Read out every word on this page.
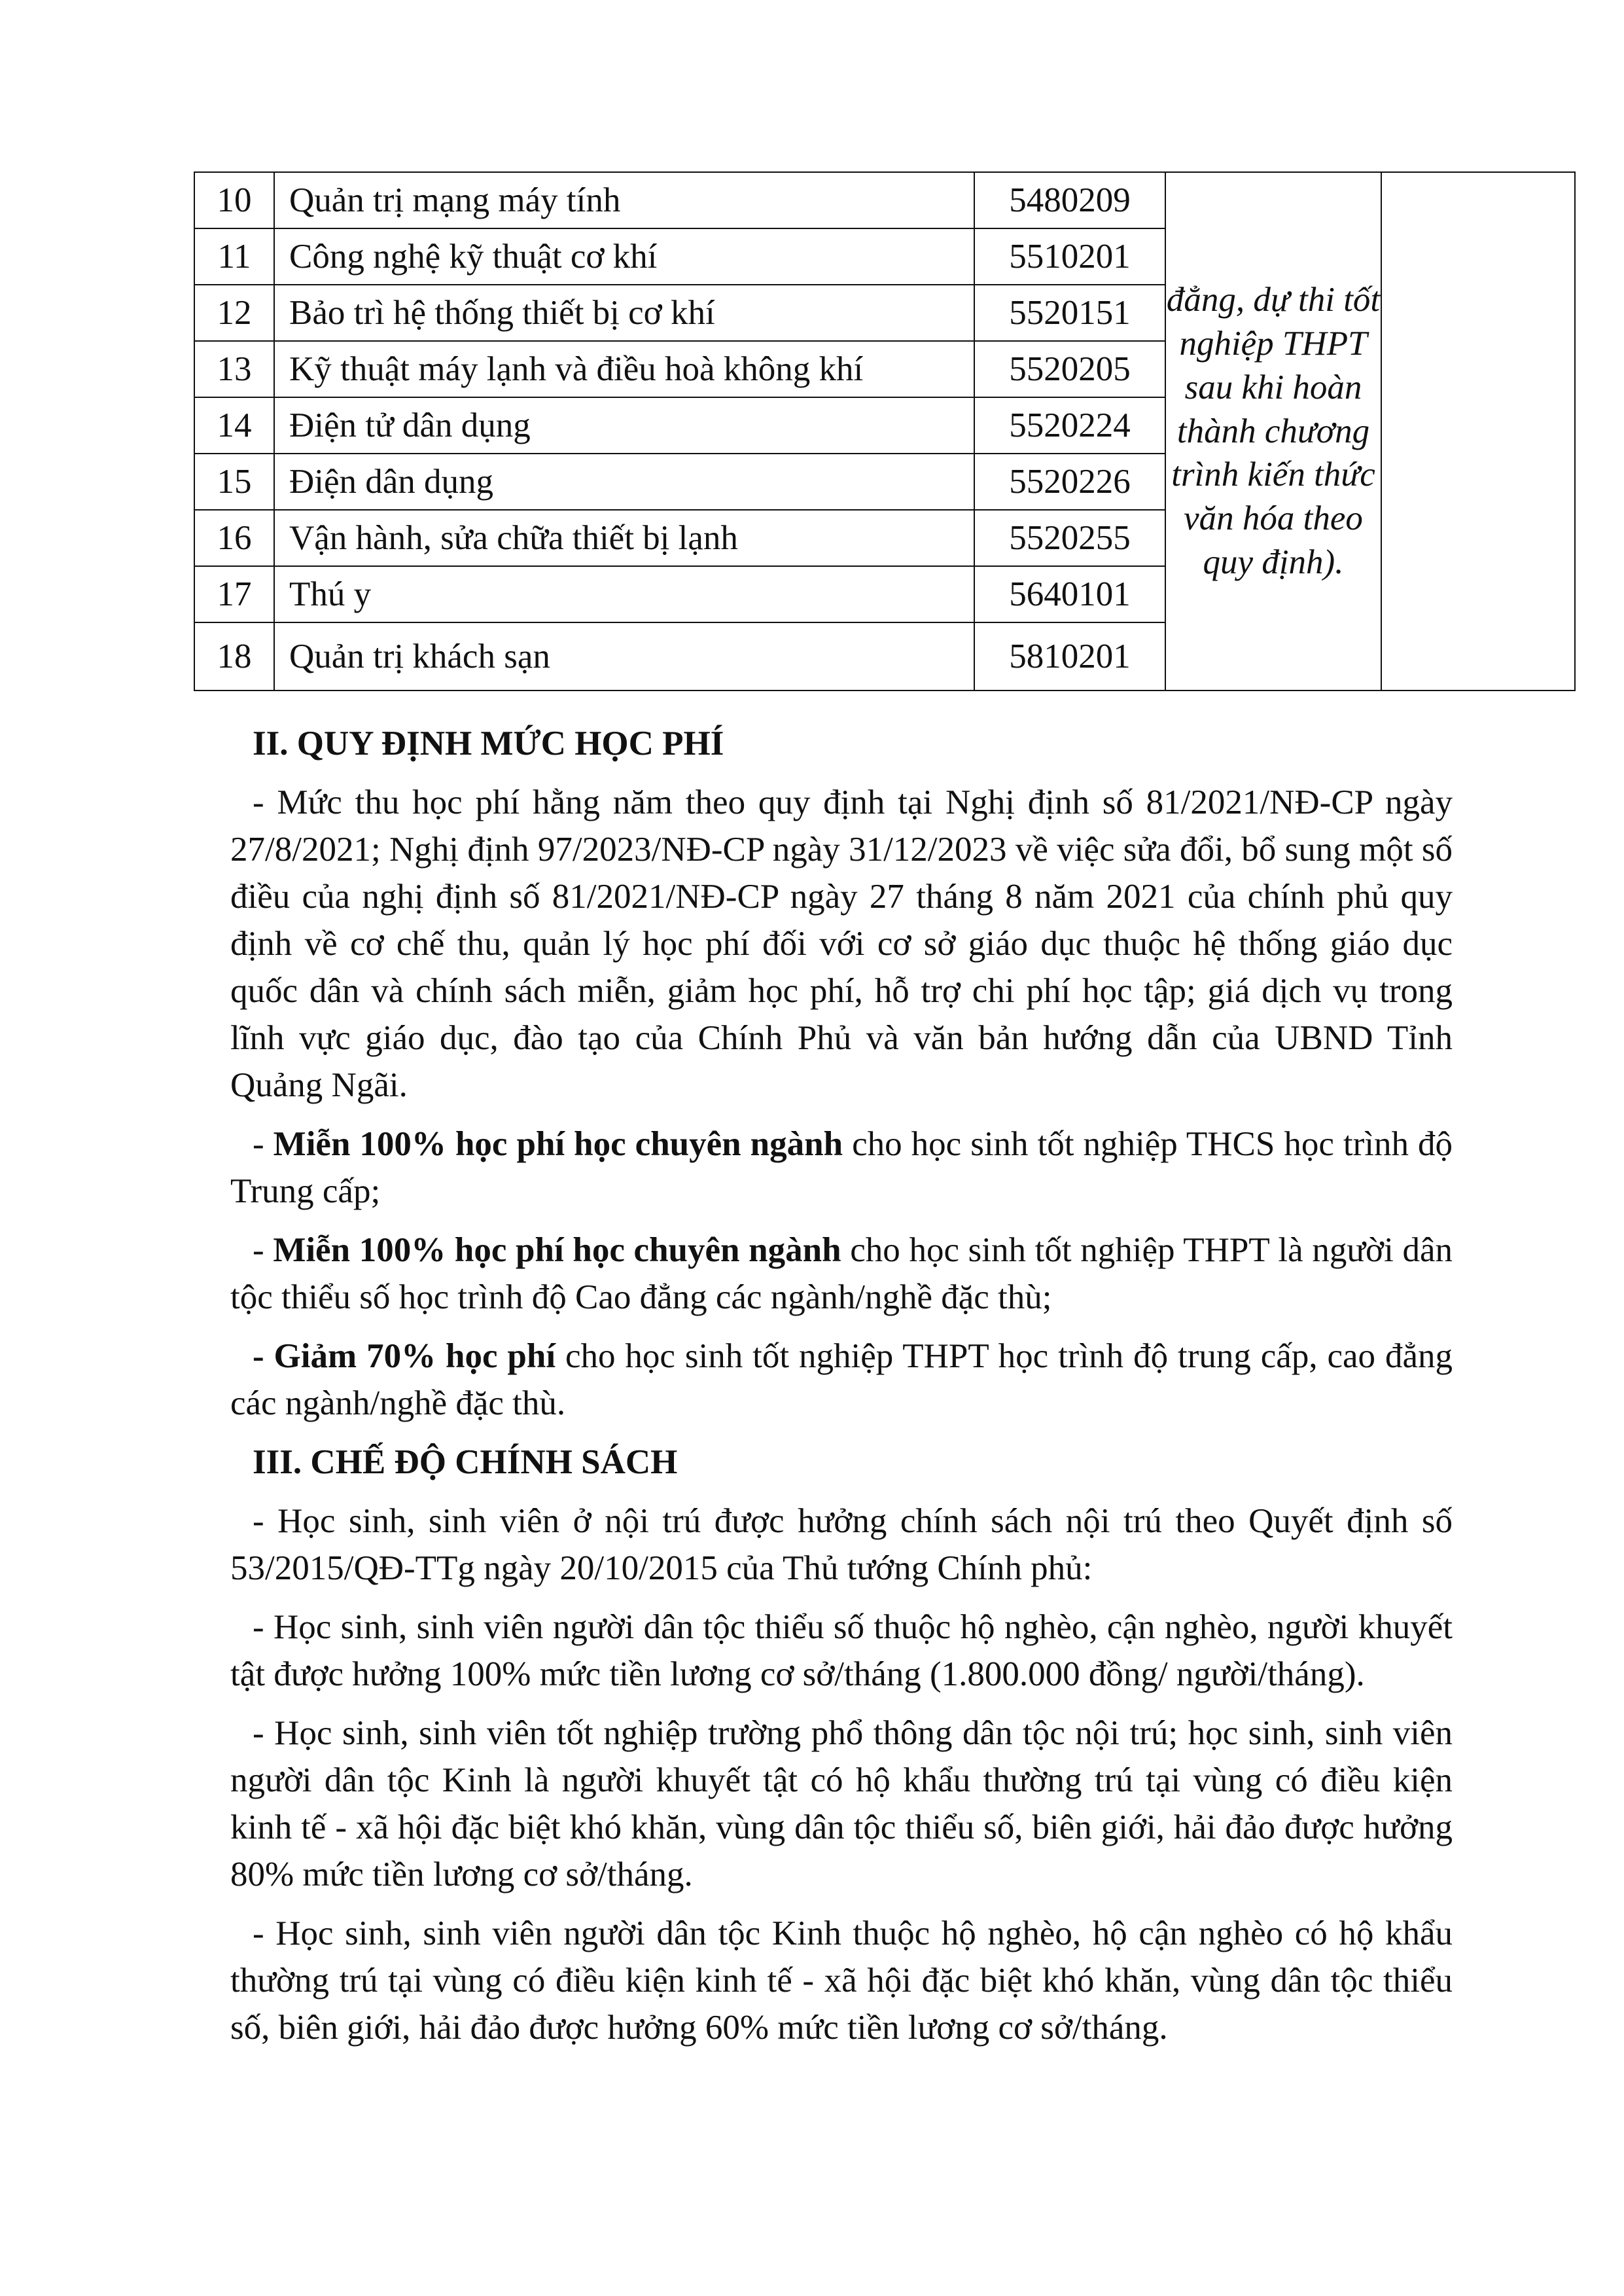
10	Quản trị mạng máy tính	5480209	đẳng, dự thi tốt nghiệp THPT sau khi hoàn thành chương trình kiến thức văn hóa theo quy định).	
11	Công nghệ kỹ thuật cơ khí	5510201		
12	Bảo trì hệ thống thiết bị cơ khí	5520151		
13	Kỹ thuật máy lạnh và điều hoà không khí	5520205		
14	Điện tử dân dụng	5520224		
15	Điện dân dụng	5520226		
16	Vận hành, sửa chữa thiết bị lạnh	5520255		
17	Thú y	5640101		
18	Quản trị khách sạn	5810201		
II. QUY ĐỊNH MỨC HỌC PHÍ

- Mức thu học phí hằng năm theo quy định tại Nghị định số 81/2021/NĐ-CP ngày 27/8/2021; Nghị định 97/2023/NĐ-CP ngày 31/12/2023 về việc sửa đổi, bổ sung một số điều của nghị định số 81/2021/NĐ-CP ngày 27 tháng 8 năm 2021 của chính phủ quy định về cơ chế thu, quản lý học phí đối với cơ sở giáo dục thuộc hệ thống giáo dục quốc dân và chính sách miễn, giảm học phí, hỗ trợ chi phí học tập; giá dịch vụ trong lĩnh vực giáo dục, đào tạo của Chính Phủ và văn bản hướng dẫn của UBND Tỉnh Quảng Ngãi.

- Miễn 100% học phí học chuyên ngành cho học sinh tốt nghiệp THCS học trình độ Trung cấp;

- Miễn 100% học phí học chuyên ngành cho học sinh tốt nghiệp THPT là người dân tộc thiểu số học trình độ Cao đẳng các ngành/nghề đặc thù;

- Giảm 70% học phí cho học sinh tốt nghiệp THPT học trình độ trung cấp, cao đẳng các ngành/nghề đặc thù.

III. CHẾ ĐỘ CHÍNH SÁCH

- Học sinh, sinh viên ở nội trú được hưởng chính sách nội trú theo Quyết định số 53/2015/QĐ-TTg ngày 20/10/2015 của Thủ tướng Chính phủ:

- Học sinh, sinh viên người dân tộc thiểu số thuộc hộ nghèo, cận nghèo, người khuyết tật được hưởng 100% mức tiền lương cơ sở/tháng (1.800.000 đồng/ người/tháng).

- Học sinh, sinh viên tốt nghiệp trường phổ thông dân tộc nội trú; học sinh, sinh viên người dân tộc Kinh là người khuyết tật có hộ khẩu thường trú tại vùng có điều kiện kinh tế - xã hội đặc biệt khó khăn, vùng dân tộc thiểu số, biên giới, hải đảo được hưởng 80% mức tiền lương cơ sở/tháng.

- Học sinh, sinh viên người dân tộc Kinh thuộc hộ nghèo, hộ cận nghèo có hộ khẩu thường trú tại vùng có điều kiện kinh tế - xã hội đặc biệt khó khăn, vùng dân tộc thiểu số, biên giới, hải đảo được hưởng 60% mức tiền lương cơ sở/tháng.
